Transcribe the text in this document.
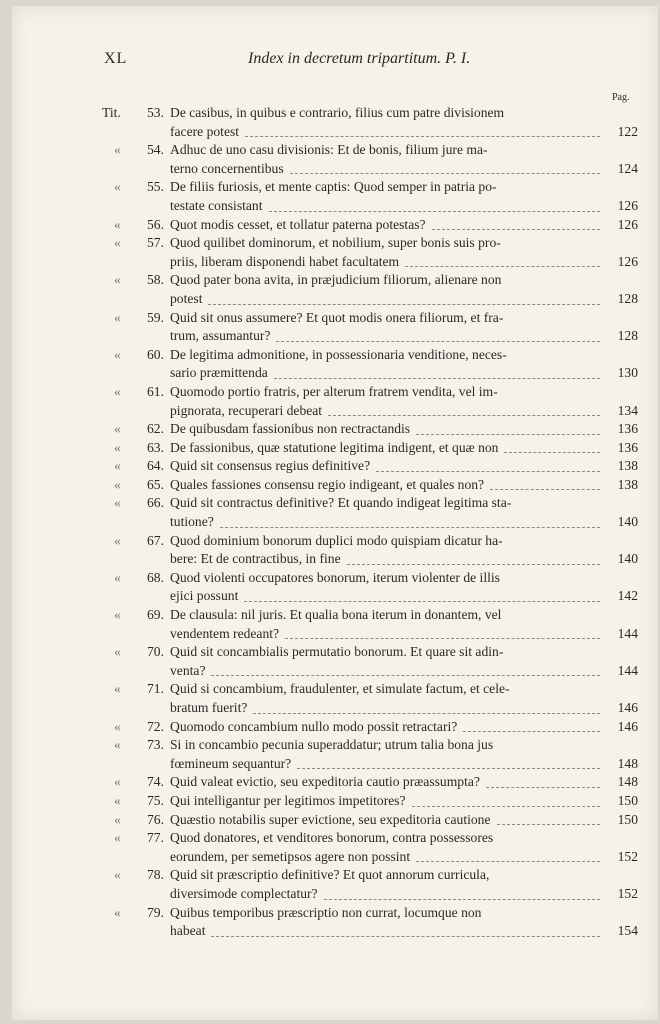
XL	Index in decretum tripartitum. P. I.
Pag.
Tit.	53. De casibus, in quibus e contrario, filius cum patre divisionem
facere potest	122
«	54. Adhuc de uno casu divisionis: Et de bonis, filium jure ma-
terno concernentibus	124
«	55. De filiis furiosis, et mente captis: Quod semper in patria po-
testate consistant	126
«	56. Quot modis cesset, et tollatur paterna potestas?	126
«	57. Quod quilibet dominorum, et nobilium, super bonis suis pro-
priis, liberam disponendi habet facultatem	126
«	58. Quod pater bona avita, in præjudicium filiorum, alienare non
potest	128
«	59. Quid sit onus assumere? Et quot modis onera filiorum, et fra-
trum, assumantur?	128
«	60. De legitima admonitione, in possessionaria venditione, neces-
sario præmittenda	130
«	61. Quomodo portio fratris, per alterum fratrem vendita, vel im-
pignorata, recuperari debeat	134
«	62. De quibusdam fassionibus non rectractandis	136
«	63. De fassionibus, quæ statutione legitima indigent, et quæ non	136
«	64. Quid sit consensus regius definitive?	138
«	65. Quales fassiones consensu regio indigeant, et quales non?	138
«	66. Quid sit contractus definitive? Et quando indigeat legitima sta-
tutione?	140
«	67. Quod dominium bonorum duplici modo quispiam dicatur ha-
bere: Et de contractibus, in fine	140
«	68. Quod violenti occupatores bonorum, iterum violenter de illis
ejici possunt	142
«	69. De clausula: nil juris. Et qualia bona iterum in donantem, vel
vendentem redeant?	144
«	70. Quid sit concambialis permutatio bonorum. Et quare sit adin-
venta?	144
«	71. Quid si concambium, fraudulenter, et simulate factum, et cele-
bratum fuerit?	146
«	72. Quomodo concambium nullo modo possit retractari?	146
«	73. Si in concambio pecunia superaddatur; utrum talia bona jus
fœmineum sequantur?	148
«	74. Quid valeat evictio, seu expeditoria cautio præassumpta?	148
«	75. Qui intelligantur per legitimos impetitores?	150
«	76. Quæstio notabilis super evictione, seu expeditoria cautione	150
«	77. Quod donatores, et venditores bonorum, contra possessores
eorundem, per semetipsos agere non possint	152
«	78. Quid sit præscriptio definitive? Et quot annorum curricula,
diversimode complectatur?	152
«	79. Quibus temporibus præscriptio non currat, locumque non
habeat	154
